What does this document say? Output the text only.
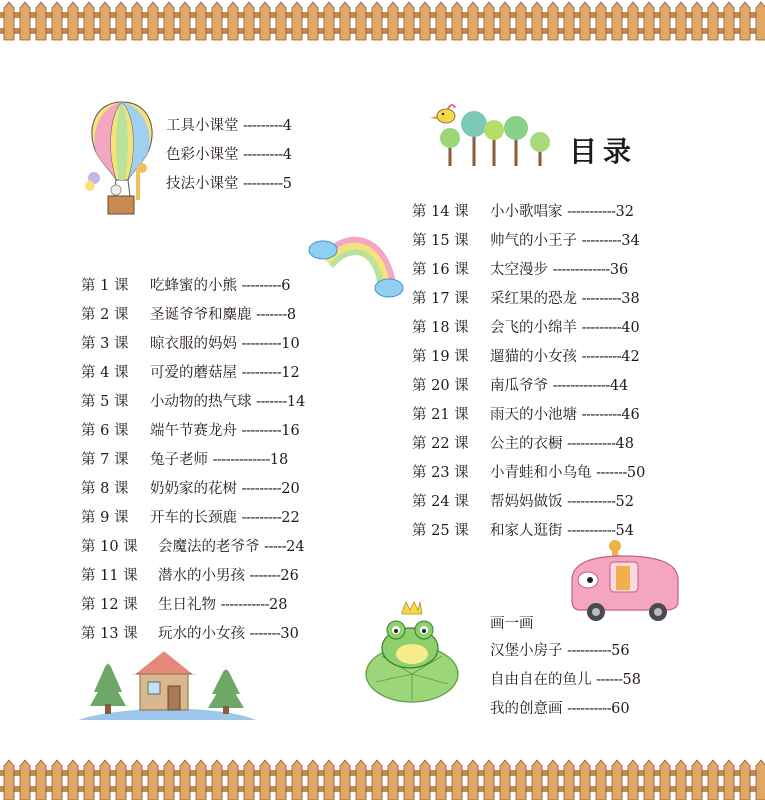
工具小课堂 ---------4
色彩小课堂 ---------4
技法小课堂 ---------5
目录
第 1 课 吃蜂蜜的小熊 ---------6
第 2 课 圣诞爷爷和麋鹿 -------8
第 3 课 晾衣服的妈妈 ---------10
第 4 课 可爱的蘑菇屋 ---------12
第 5 课 小动物的热气球 -------14
第 6 课 端午节赛龙舟 ---------16
第 7 课 兔子老师 -------------18
第 8 课 奶奶家的花树 ---------20
第 9 课 开车的长颈鹿 ---------22
第 10 课 会魔法的老爷爷 -----24
第 11 课 潜水的小男孩 -------26
第 12 课 生日礼物 -----------28
第 13 课 玩水的小女孩 -------30
第 14 课 小小歌唱家 -----------32
第 15 课 帅气的小王子 ---------34
第 16 课 太空漫步 -------------36
第 17 课 采红果的恐龙 ---------38
第 18 课 会飞的小绵羊 ---------40
第 19 课 遛猫的小女孩 ---------42
第 20 课 南瓜爷爷 -------------44
第 21 课 雨天的小池塘 ---------46
第 22 课 公主的衣橱 -----------48
第 23 课 小青蛙和小乌龟 -------50
第 24 课 帮妈妈做饭 -----------52
第 25 课 和家人逛街 -----------54
画一画
汉堡小房子 ----------56
自由自在的鱼儿 ------58
我的创意画 ----------60
